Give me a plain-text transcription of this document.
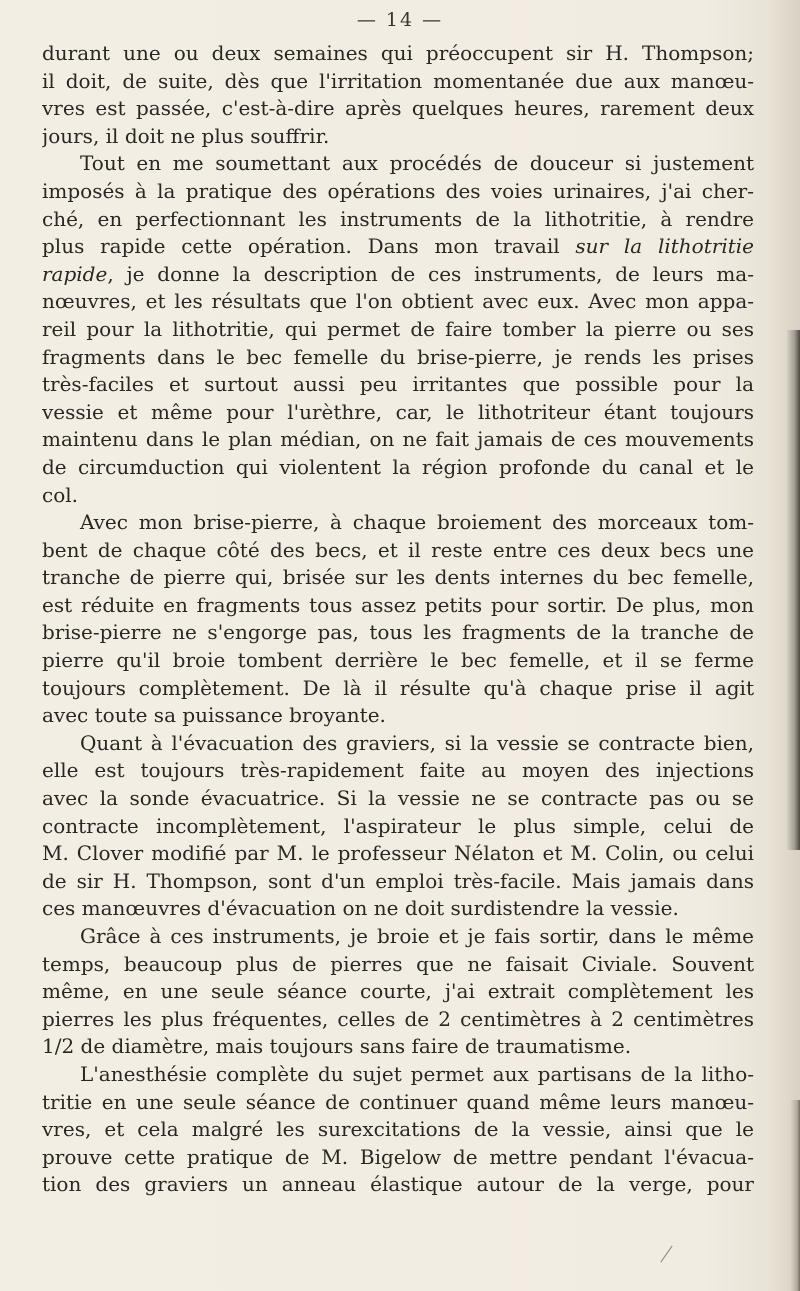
— 14 —
durant une ou deux semaines qui préoccupent sir H. Thompson;
il doit, de suite, dès que l'irritation momentanée due aux manœu-
vres est passée, c'est-à-dire après quelques heures, rarement deux
jours, il doit ne plus souffrir.
Tout en me soumettant aux procédés de douceur si justement
imposés à la pratique des opérations des voies urinaires, j'ai cher-
ché, en perfectionnant les instruments de la lithotritie, à rendre
plus rapide cette opération. Dans mon travail sur la lithotritie
rapide, je donne la description de ces instruments, de leurs ma-
nœuvres, et les résultats que l'on obtient avec eux. Avec mon appa-
reil pour la lithotritie, qui permet de faire tomber la pierre ou ses
fragments dans le bec femelle du brise-pierre, je rends les prises
très-faciles et surtout aussi peu irritantes que possible pour la
vessie et même pour l'urèthre, car, le lithotriteur étant toujours
maintenu dans le plan médian, on ne fait jamais de ces mouvements
de circumduction qui violentent la région profonde du canal et le
col.
Avec mon brise-pierre, à chaque broiement des morceaux tom-
bent de chaque côté des becs, et il reste entre ces deux becs une
tranche de pierre qui, brisée sur les dents internes du bec femelle,
est réduite en fragments tous assez petits pour sortir. De plus, mon
brise-pierre ne s'engorge pas, tous les fragments de la tranche de
pierre qu'il broie tombent derrière le bec femelle, et il se ferme
toujours complètement. De là il résulte qu'à chaque prise il agit
avec toute sa puissance broyante.
Quant à l'évacuation des graviers, si la vessie se contracte bien,
elle est toujours très-rapidement faite au moyen des injections
avec la sonde évacuatrice. Si la vessie ne se contracte pas ou se
contracte incomplètement, l'aspirateur le plus simple, celui de
M. Clover modifié par M. le professeur Nélaton et M. Colin, ou celui
de sir H. Thompson, sont d'un emploi très-facile. Mais jamais dans
ces manœuvres d'évacuation on ne doit surdistendre la vessie.
Grâce à ces instruments, je broie et je fais sortir, dans le même
temps, beaucoup plus de pierres que ne faisait Civiale. Souvent
même, en une seule séance courte, j'ai extrait complètement les
pierres les plus fréquentes, celles de 2 centimètres à 2 centimètres
1/2 de diamètre, mais toujours sans faire de traumatisme.
L'anesthésie complète du sujet permet aux partisans de la litho-
tritie en une seule séance de continuer quand même leurs manœu-
vres, et cela malgré les surexcitations de la vessie, ainsi que le
prouve cette pratique de M. Bigelow de mettre pendant l'évacua-
tion des graviers un anneau élastique autour de la verge, pour
